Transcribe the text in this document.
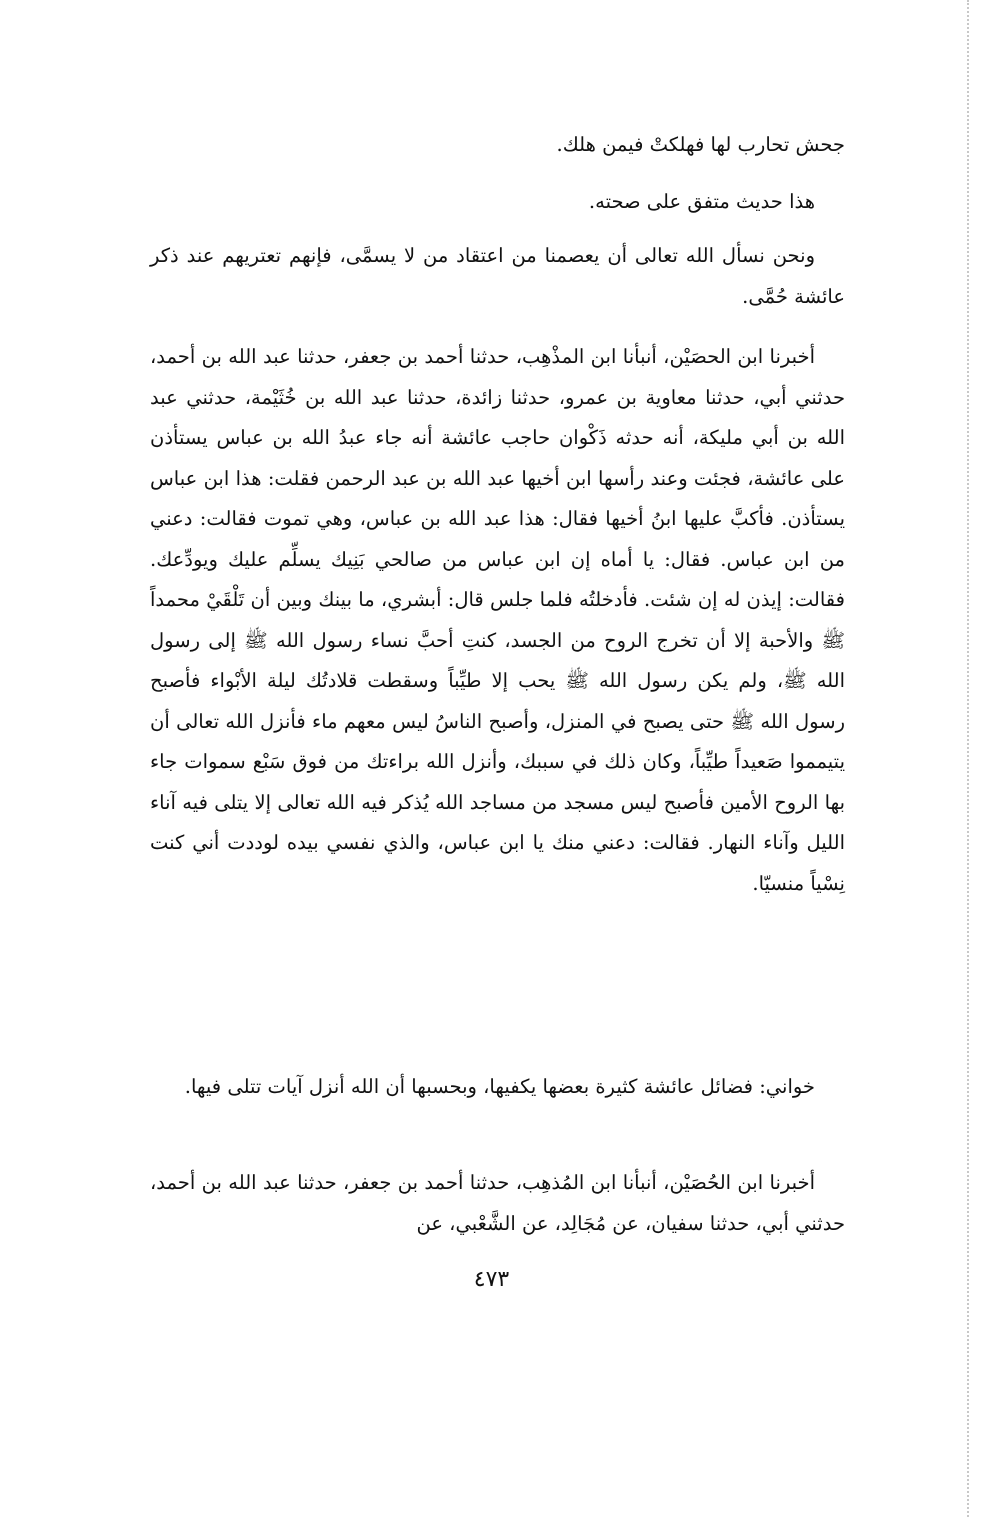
جحش تحارب لها فهلكتْ فيمن هلك.

هذا حديث متفق على صحته.

ونحن نسأل الله تعالى أن يعصمنا من اعتقاد من لا يسمَّى، فإنهم تعتريهم عند ذكر عائشة حُمَّى.

أخبرنا ابن الحصَيْن، أنبأنا ابن المذْهِب، حدثنا أحمد بن جعفر، حدثنا عبد الله بن أحمد، حدثني أبي، حدثنا معاوية بن عمرو، حدثنا زائدة، حدثنا عبد الله بن خُثَيْمة، حدثني عبد الله بن أبي مليكة، أنه حدثه ذَكْوان حاجب عائشة أنه جاء عبدُ الله بن عباس يستأذن على عائشة، فجئت وعند رأسها ابن أخيها عبد الله بن عبد الرحمن فقلت: هذا ابن عباس يستأذن. فأكبَّ عليها ابنُ أخيها فقال: هذا عبد الله بن عباس، وهي تموت فقالت: دعني من ابن عباس. فقال: يا أماه إن ابن عباس من صالحي بَنِيك يسلِّم عليك ويودِّعك. فقالت: إيذن له إن شئت. فأدخلتُه فلما جلس قال: أبشري، ما بينك وبين أن تَلْقَيْ محمداً ﷺ والأحبة إلا أن تخرج الروح من الجسد، كنتِ أحبَّ نساء رسول الله ﷺ إلى رسول الله ﷺ، ولم يكن رسول الله ﷺ يحب إلا طيِّباً وسقطت قلادتُك ليلة الأبْواء فأصبح رسول الله ﷺ حتى يصبح في المنزل، وأصبح الناسُ ليس معهم ماء فأنزل الله تعالى أن يتيمموا صَعيداً طيِّباً، وكان ذلك في سببك، وأنزل الله براءتك من فوق سَبْع سموات جاء بها الروح الأمين فأصبح ليس مسجد من مساجد الله يُذكر فيه الله تعالى إلا يتلى فيه آناء الليل وآناء النهار. فقالت: دعني منك يا ابن عباس، والذي نفسي بيده لوددت أني كنت نِسْياً منسيّا.

خواني: فضائل عائشة كثيرة بعضها يكفيها، وبحسبها أن الله أنزل آيات تتلى فيها.

أخبرنا ابن الحُصَيْن، أنبأنا ابن المُذهِب، حدثنا أحمد بن جعفر، حدثنا عبد الله بن أحمد، حدثني أبي، حدثنا سفيان، عن مُجَالِد، عن الشَّعْبي، عن

٤٧٣
